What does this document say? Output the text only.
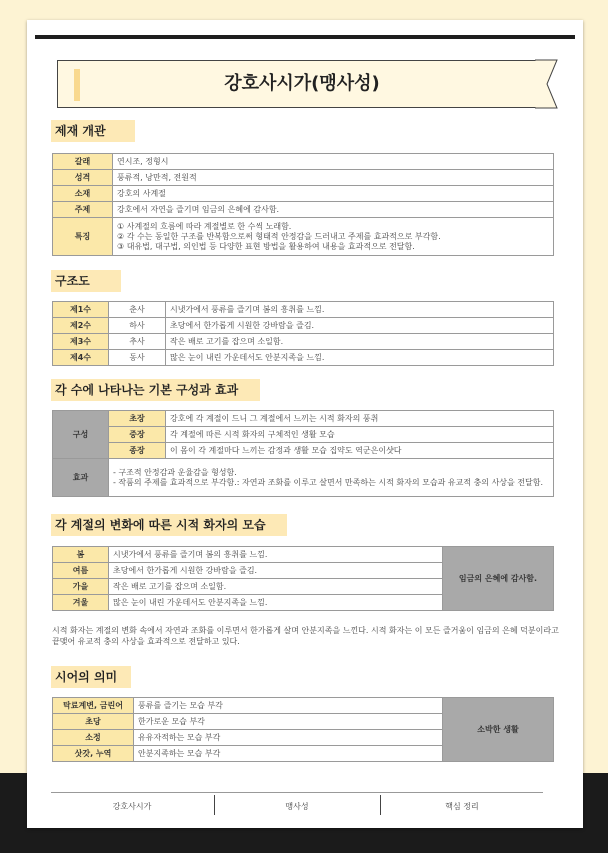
강호사시가(맹사성)
제재 개관
갈래	연시조, 정형시
성격	풍류적, 낭만적, 전원적
소재	강호의 사계절
주제	강호에서 자연을 즐기며 임금의 은혜에 감사함.
특징	① 사계절의 흐름에 따라 계절별로 한 수씩 노래함.
② 각 수는 동일한 구조를 반복함으로써 형태적 안정감을 드러내고 주제를 효과적으로 부각함.
③ 대유법, 대구법, 의인법 등 다양한 표현 방법을 활용하여 내용을 효과적으로 전달함.
구조도
제1수	춘사	시냇가에서 풍류를 즐기며 봄의 흥취를 느낌.
제2수	하사	초당에서 한가롭게 시원한 강바람을 즐김.
제3수	추사	작은 배로 고기를 잡으며 소일함.
제4수	동사	많은 눈이 내린 가운데서도 안분지족을 느낌.
각 수에 나타나는 기본 구성과 효과
구성	초장	강호에 각 계절이 드니 그 계절에서 느끼는 시적 화자의 풍취
	중장	각 계절에 따른 시적 화자의 구체적인 생활 모습
	종장	이 몸이 각 계절마다 느끼는 감정과 생활 모습 집약도 역군은이샷다
효과	- 구조적 안정감과 운율감을 형성함.
- 작품의 주제를 효과적으로 부각함.: 자연과 조화를 이루고 살면서 만족하는 시적 화자의 모습과 유교적 충의 사상을 전달함.	
각 계절의 변화에 따른 시적 화자의 모습
봄	시냇가에서 풍류를 즐기며 봄의 흥취를 느낌.	임금의 은혜에 감사함.
여름	초당에서 한가롭게 시원한 강바람을 즐김.	
가을	작은 배로 고기를 잡으며 소일함.	
겨울	많은 눈이 내린 가운데서도 안분지족을 느낌.	
시적 화자는 계절의 변화 속에서 자연과 조화를 이루면서 한가롭게 살며 안분지족을 느낀다. 시적 화자는 이 모든 즐거움이 임금의 은혜 덕분이라고 끝맺어 유교적 충의 사상을 효과적으로 전달하고 있다.
시어의 의미
탁료계변, 금린어	풍류를 즐기는 모습 부각	소박한 생활
초당	한가로운 모습 부각	
소정	유유자적하는 모습 부각	
삿갓, 누역	안분지족하는 모습 부각	
강호사시가	맹사성	핵심 정리
